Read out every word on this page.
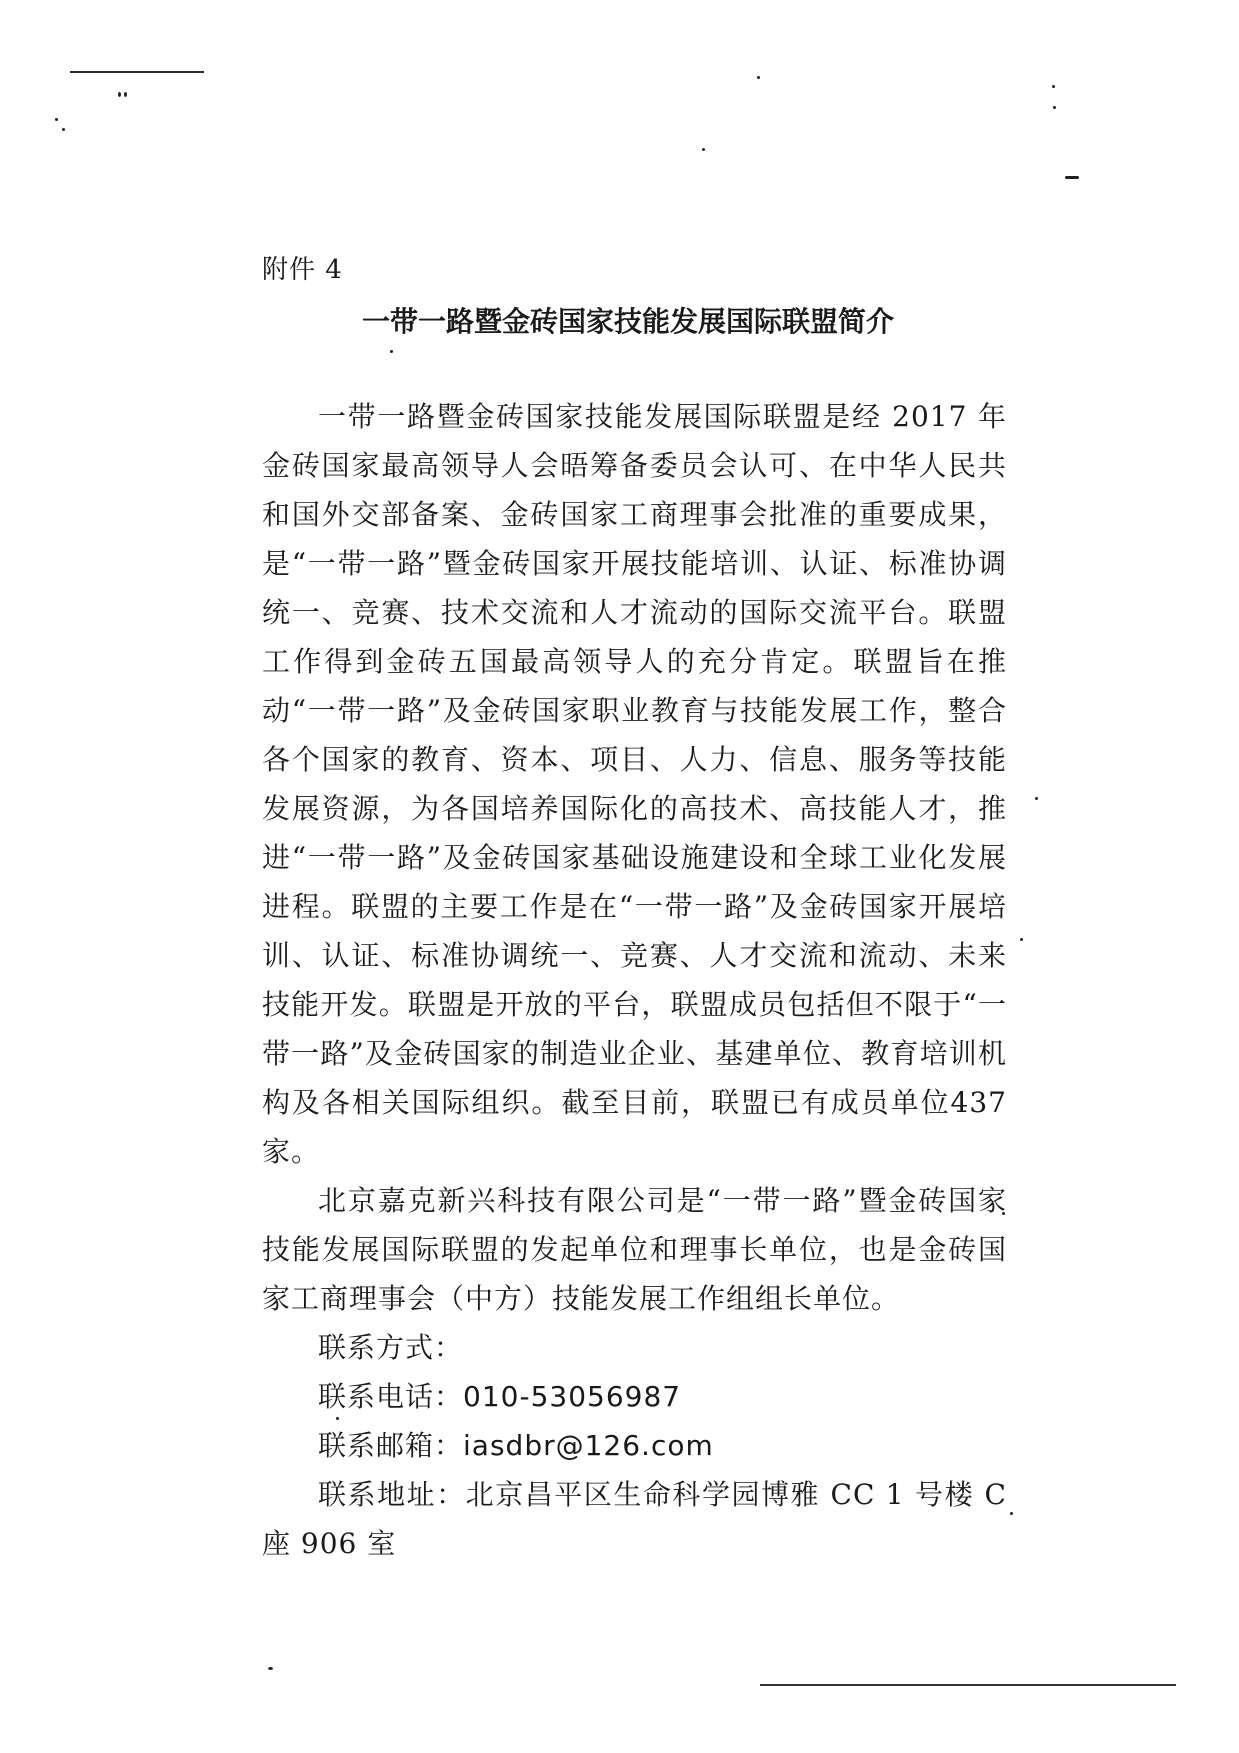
附件 4
一带一路暨金砖国家技能发展国际联盟简介

一带一路暨金砖国家技能发展国际联盟是经 2017 年金砖国家最高领导人会晤筹备委员会认可、在中华人民共和国外交部备案、金砖国家工商理事会批准的重要成果，是“一带一路”暨金砖国家开展技能培训、认证、标准协调统一、竞赛、技术交流和人才流动的国际交流平台。联盟工作得到金砖五国最高领导人的充分肯定。联盟旨在推动“一带一路”及金砖国家职业教育与技能发展工作，整合各个国家的教育、资本、项目、人力、信息、服务等技能发展资源，为各国培养国际化的高技术、高技能人才，推进“一带一路”及金砖国家基础设施建设和全球工业化发展进程。联盟的主要工作是在“一带一路”及金砖国家开展培训、认证、标准协调统一、竞赛、人才交流和流动、未来技能开发。联盟是开放的平台，联盟成员包括但不限于“一带一路”及金砖国家的制造业企业、基建单位、教育培训机构及各相关国际组织。截至目前，联盟已有成员单位437家。

北京嘉克新兴科技有限公司是“一带一路”暨金砖国家技能发展国际联盟的发起单位和理事长单位，也是金砖国家工商理事会（中方）技能发展工作组组长单位。

联系方式：

联系电话：010-53056987

联系邮箱：iasdbr@126.com

联系地址：北京昌平区生命科学园博雅 CC 1 号楼 C 座 906 室
